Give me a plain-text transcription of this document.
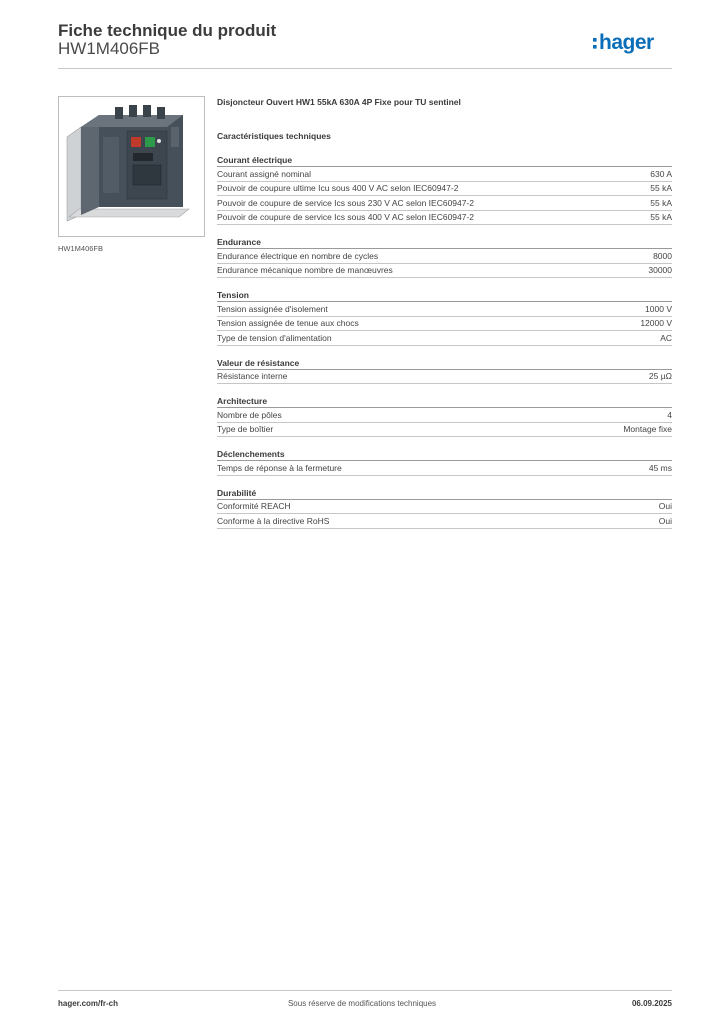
Fiche technique du produit
HW1M406FB	hager
HW1M406FB
Disjoncteur Ouvert HW1 55kA 630A 4P Fixe pour TU sentinel
Caractéristiques techniques
Courant électrique
Courant assigné nominal	630 A
Pouvoir de coupure ultime Icu sous 400 V AC selon IEC60947-2	55 kA
Pouvoir de coupure de service Ics sous 230 V AC selon IEC60947-2	55 kA
Pouvoir de coupure de service Ics sous 400 V AC selon IEC60947-2	55 kA
Endurance
Endurance électrique en nombre de cycles	8000
Endurance mécanique nombre de manœuvres	30000
Tension
Tension assignée d'isolement	1000 V
Tension assignée de tenue aux chocs	12000 V
Type de tension d'alimentation	AC
Valeur de résistance
Résistance interne	25 µΩ
Architecture
Nombre de pôles	4
Type de boîtier	Montage fixe
Déclenchements
Temps de réponse à la fermeture	45 ms
Durabilité
Conformité REACH	Oui
Conforme à la directive RoHS	Oui
hager.com/fr-ch	Sous réserve de modifications techniques	06.09.2025
